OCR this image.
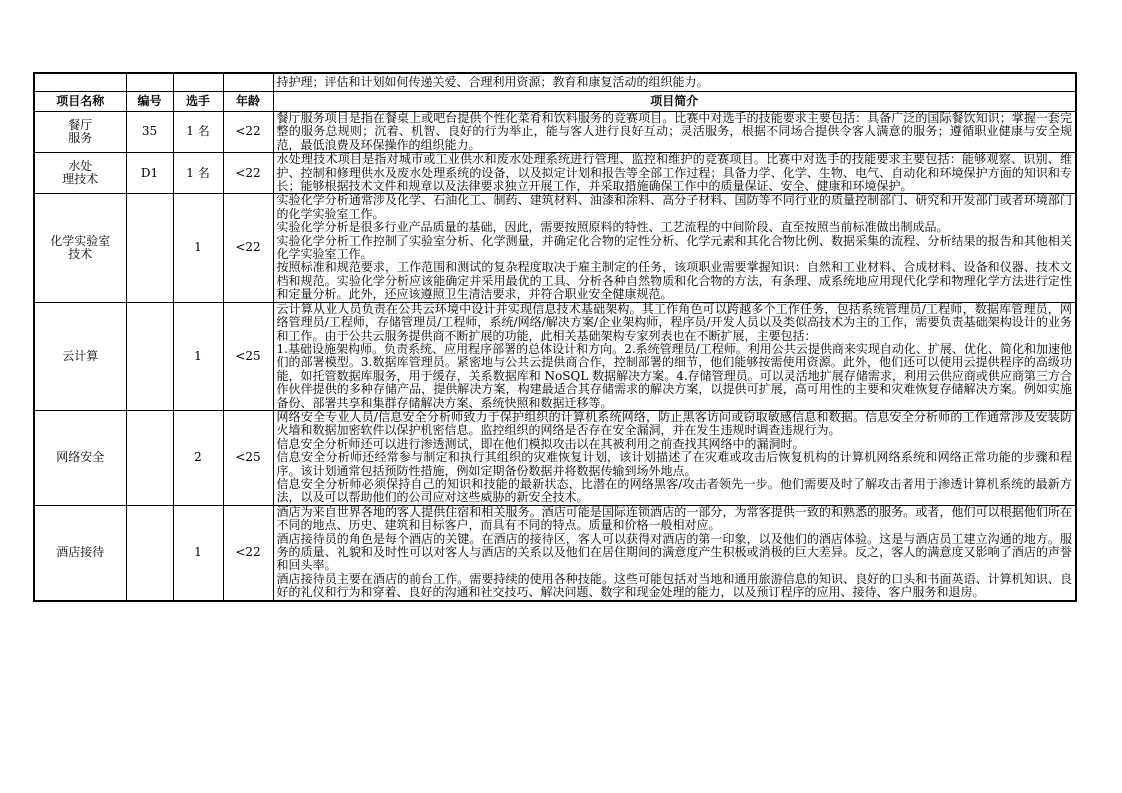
				持护理；评估和计划如何传递关爱、合理利用资源；教育和康复活动的组织能力。
项目名称	编号	选手	年龄	项目简介
餐厅
服务	35	1 名	<22	餐厅服务项目是指在餐桌上或吧台提供个性化菜肴和饮料服务的竞赛项目。比赛中对选手的技能要求主要包括：具备广泛的国际餐饮知识；掌握一套完整的服务总规则；沉着、机智、良好的行为举止，能与客人进行良好互动；灵活服务，根据不同场合提供令客人满意的服务；遵循职业健康与安全规范，最低浪费及环保操作的组织能力。

水处
理技术	D1	1 名	<22	水处理技术项目是指对城市或工业供水和废水处理系统进行管理、监控和维护的竞赛项目。比赛中对选手的技能要求主要包括：能够观察、识别、维护、控制和修理供水及废水处理系统的设备，以及拟定计划和报告等全部工作过程；具备力学、化学、生物、电气、自动化和环境保护方面的知识和专长；能够根据技术文件和规章以及法律要求独立开展工作，并采取措施确保工作中的质量保证、安全、健康和环境保护。

化学实验室
技术		1	<22	实验化学分析通常涉及化学、石油化工、制药、建筑材料、油漆和涂料、高分子材料、国防等不同行业的质量控制部门、研究和开发部门或者环境部门的化学实验室工作。
实验化学分析是很多行业产品质量的基础，因此，需要按照原料的特性、工艺流程的中间阶段、直至按照当前标准做出制成品。
实验化学分析工作控制了实验室分析、化学测量，并确定化合物的定性分析、化学元素和其化合物比例、数据采集的流程、分析结果的报告和其他相关化学实验室工作。
按照标准和规范要求，工作范围和测试的复杂程度取决于雇主制定的任务，该项职业需要掌握知识：自然和工业材料、合成材料、设备和仪器、技术文档和规范。实验化学分析应该能确定并采用最优的工具、分析各种自然物质和化合物的方法，有条理、成系统地应用现代化学和物理化学方法进行定性和定量分析。此外，还应该遵照卫生清洁要求，并符合职业安全健康规范。

云计算		1	<25	云计算从业人员负责在公共云环境中设计并实现信息技术基础架构。其工作角色可以跨越多个工作任务，包括系统管理员/工程师，数据库管理员，网络管理员/工程师，存储管理员/工程师，系统/网络/解决方案/企业架构师，程序员/开发人员以及类似高技术为主的工作，需要负责基础架构设计的业务和工作。由于公共云服务提供商不断扩展的功能，此相关基础架构专家列表也在不断扩展，主要包括：
1.基础设施架构师。负责系统、应用程序部署的总体设计和方向。2.系统管理员/工程师。利用公共云提供商来实现自动化、扩展、优化、简化和加速他们的部署模型。3.数据库管理员。紧密地与公共云提供商合作，控制部署的细节，他们能够按需使用资源。此外，他们还可以使用云提供程序的高级功能，如托管数据库服务，用于缓存，关系数据库和 NoSQL 数据解决方案。4.存储管理员。可以灵活地扩展存储需求，利用云供应商或供应商第三方合作伙伴提供的多种存储产品，提供解决方案，构建最适合其存储需求的解决方案，以提供可扩展，高可用性的主要和灾难恢复存储解决方案。例如实施备份、部署共享和集群存储解决方案、系统快照和数据迁移等。

网络安全		2	<25	网络安全专业人员/信息安全分析师致力于保护组织的计算机系统网络，防止黑客访问或窃取敏感信息和数据。信息安全分析师的工作通常涉及安装防火墙和数据加密软件以保护机密信息。监控组织的网络是否存在安全漏洞，并在发生违规时调查违规行为。
信息安全分析师还可以进行渗透测试，即在他们模拟攻击以在其被利用之前查找其网络中的漏洞时。
信息安全分析师还经常参与制定和执行其组织的灾难恢复计划，该计划描述了在灾难或攻击后恢复机构的计算机网络系统和网络正常功能的步骤和程序。该计划通常包括预防性措施，例如定期备份数据并将数据传输到场外地点。
信息安全分析师必须保持自己的知识和技能的最新状态，比潜在的网络黑客/攻击者领先一步。他们需要及时了解攻击者用于渗透计算机系统的最新方法，以及可以帮助他们的公司应对这些威胁的新安全技术。

酒店接待		1	<22	酒店为来自世界各地的客人提供住宿和相关服务。酒店可能是国际连锁酒店的一部分，为常客提供一致的和熟悉的服务。或者，他们可以根据他们所在不同的地点、历史、建筑和目标客户，而具有不同的特点。质量和价格一般相对应。
酒店接待员的角色是每个酒店的关键。在酒店的接待区，客人可以获得对酒店的第一印象，以及他们的酒店体验。这是与酒店员工建立沟通的地方。服务的质量、礼貌和及时性可以对客人与酒店的关系以及他们在居住期间的满意度产生积极或消极的巨大差异。反之，客人的满意度又影响了酒店的声誉和回头率。
酒店接待员主要在酒店的前台工作。需要持续的使用各种技能。这些可能包括对当地和通用旅游信息的知识、良好的口头和书面英语、计算机知识、良好的礼仪和行为和穿着、良好的沟通和社交技巧、解决问题、数字和现金处理的能力，以及预订程序的应用、接待、客户服务和退房。
